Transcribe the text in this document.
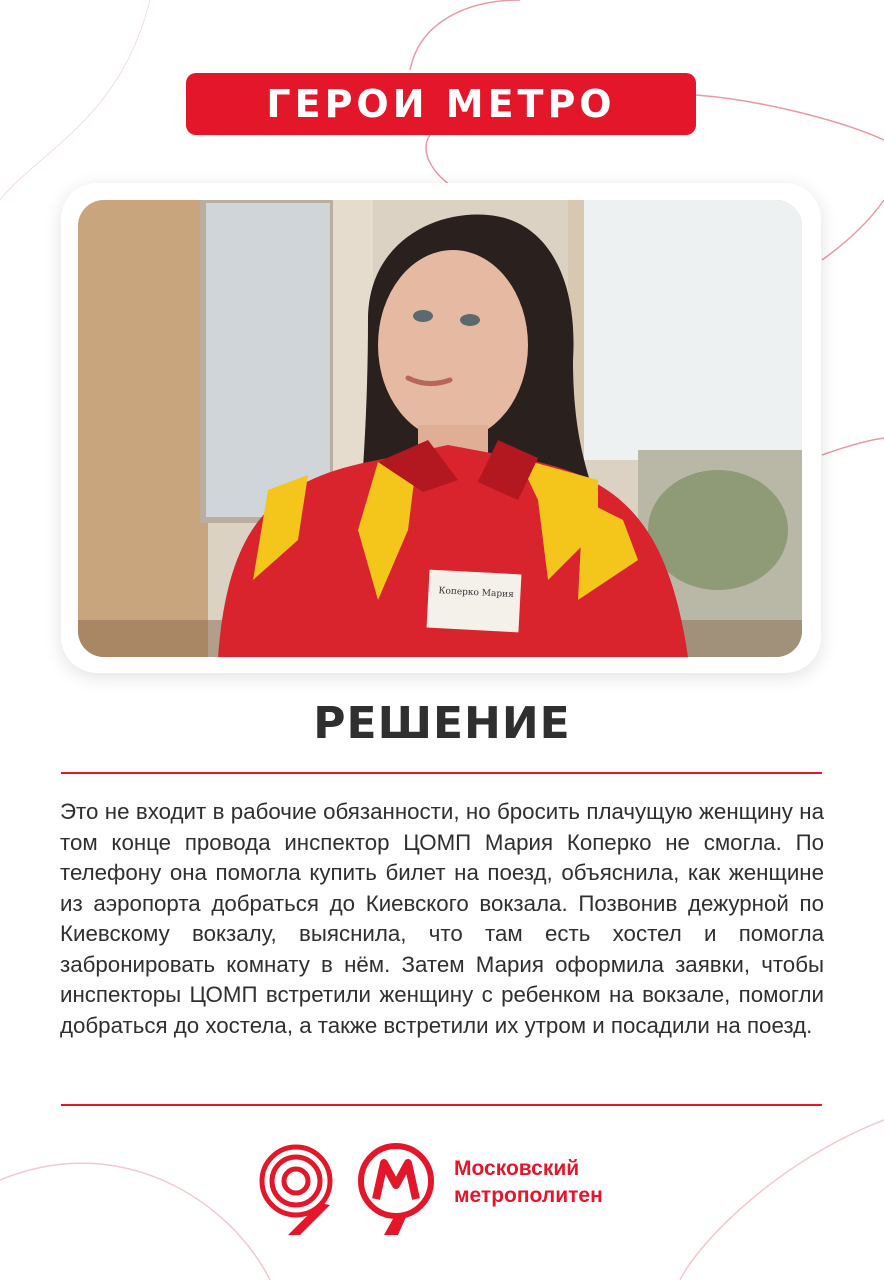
ГЕРОИ МЕТРО
Коперко Мария
РЕШЕНИЕ
Это не входит в рабочие обязанности, но бросить плачущую женщину на том конце провода инспектор ЦОМП Мария Коперко не смогла. По телефону она помогла купить билет на поезд, объяснила, как женщине из аэропорта добраться до Киевского вокзала. Позвонив дежурной по Киевскому вокзалу, выяснила, что там есть хостел и помогла забронировать комнату в нём. Затем Мария оформила заявки, чтобы инспекторы ЦОМП встретили женщину с ребенком на вокзале, помогли добраться до хостела, а также встретили их утром и посадили на поезд.
Московский
метрополитен
